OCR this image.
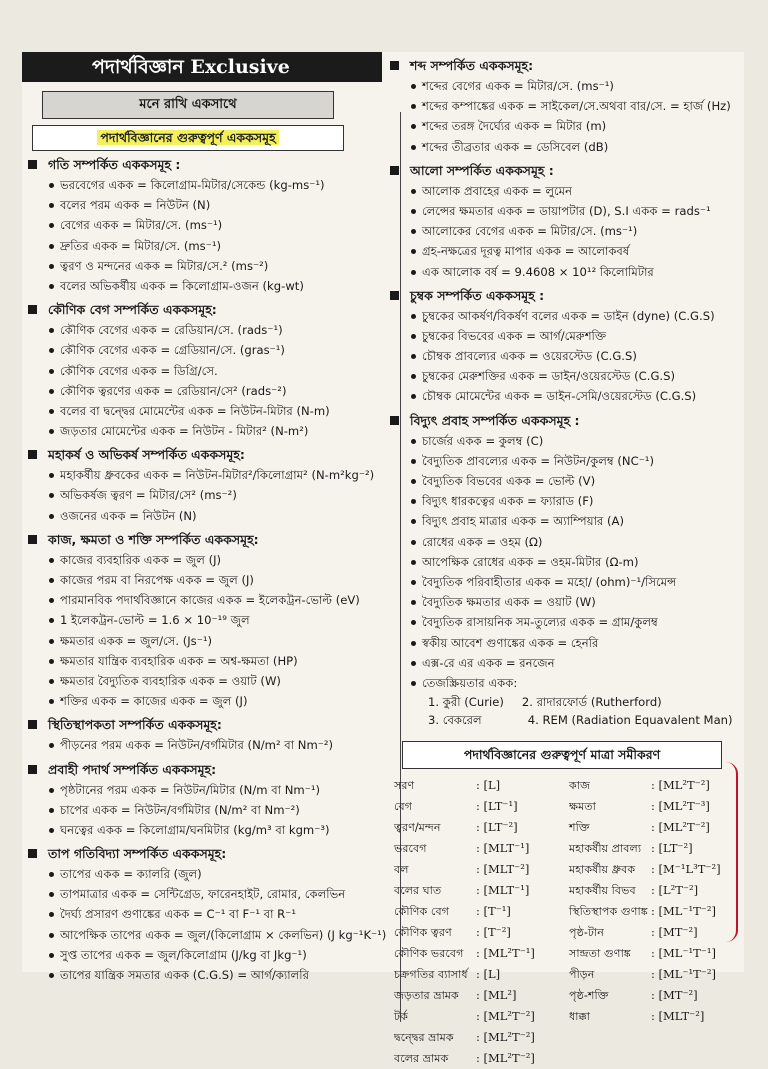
পদার্থবিজ্ঞান Exclusive
মনে রাখি একসাথে
পদার্থবিজ্ঞানের গুরুত্বপূর্ণ এককসমূহ
গতি সম্পর্কিত এককসমূহ :
ভরবেগের একক = কিলোগ্রাম-মিটার/সেকেন্ড (kg-ms⁻¹)
বলের পরম একক = নিউটন (N)
বেগের একক = মিটার/সে. (ms⁻¹)
দ্রুতির একক = মিটার/সে. (ms⁻¹)
ত্বরণ ও মন্দনের একক = মিটার/সে.² (ms⁻²)
বলের অভিকর্ষীয় একক = কিলোগ্রাম-ওজন (kg-wt)
কৌণিক বেগ সম্পর্কিত এককসমূহ:
কৌণিক বেগের একক = রেডিয়ান/সে. (rads⁻¹)
কৌণিক বেগের একক = গ্রেডিয়ান/সে. (gras⁻¹)
কৌণিক বেগের একক = ডিগ্রি/সে.
কৌণিক ত্বরণের একক = রেডিয়ান/সে² (rads⁻²)
বলের বা দ্বন্দ্বের মোমেন্টের একক = নিউটন-মিটার (N-m)
জড়তার মোমেন্টের একক = নিউটন - মিটার² (N-m²)
মহাকর্ষ ও অভিকর্ষ সম্পর্কিত এককসমূহ:
মহাকর্ষীয় ধ্রুবকের একক = নিউটন-মিটার²/কিলোগ্রাম² (N-m²kg⁻²)
অভিকর্ষজ ত্বরণ = মিটার/সে² (ms⁻²)
ওজনের একক = নিউটন (N)
কাজ, ক্ষমতা ও শক্তি সম্পর্কিত এককসমূহ:
কাজের ব্যবহারিক একক = জুল (J)
কাজের পরম বা নিরপেক্ষ একক = জুল (J)
পারমানবিক পদার্থবিজ্ঞানে কাজের একক = ইলেকট্রন-ভোল্ট (eV)
1 ইলেকট্রন-ভোল্ট = 1.6 × 10⁻¹⁹ জুল
ক্ষমতার একক = জুল/সে. (Js⁻¹)
ক্ষমতার যান্ত্রিক ব্যবহারিক একক = অশ্ব-ক্ষমতা (HP)
ক্ষমতার বৈদ্যুতিক ব্যবহারিক একক = ওয়াট (W)
শক্তির একক = কাজের একক = জুল (J)
স্থিতিস্থাপকতা সম্পর্কিত এককসমূহ:
পীড়নের পরম একক = নিউটন/বর্গমিটার (N/m² বা Nm⁻²)
প্রবাহী পদার্থ সম্পর্কিত এককসমূহ:
পৃষ্ঠটানের পরম একক = নিউটন/মিটার (N/m বা Nm⁻¹)
চাপের একক = নিউটন/বর্গমিটার (N/m² বা Nm⁻²)
ঘনত্বের একক = কিলোগ্রাম/ঘনমিটার (kg/m³ বা kgm⁻³)
তাপ গতিবিদ্যা সম্পর্কিত এককসমূহ:
তাপের একক = ক্যালরি (জুল)
তাপমাত্রার একক = সেন্টিগ্রেড, ফারেনহাইট, রোমার, কেলভিন
দৈর্ঘ্য প্রসারণ গুণাঙ্কের একক = C⁻¹ বা F⁻¹ বা R⁻¹
আপেক্ষিক তাপের একক = জুল/(কিলোগ্রাম × কেলভিন) (J kg⁻¹K⁻¹)
সুপ্ত তাপের একক = জুল/কিলোগ্রাম (J/kg বা Jkg⁻¹)
তাপের যান্ত্রিক সমতার একক (C.G.S) = আর্গ/ক্যালরি
শব্দ সম্পর্কিত এককসমূহ:
শব্দের বেগের একক = মিটার/সে. (ms⁻¹)
শব্দের কম্পাঙ্কের একক = সাইকেল/সে.অথবা বার/সে. = হার্জ (Hz)
শব্দের তরঙ্গ দৈর্ঘ্যের একক = মিটার (m)
শব্দের তীব্রতার একক = ডেসিবেল (dB)
আলো সম্পর্কিত এককসমূহ :
আলোক প্রবাহের একক = লুমেন
লেন্সের ক্ষমতার একক = ডায়াপটার (D), S.I একক = rads⁻¹
আলোকের বেগের একক = মিটার/সে. (ms⁻¹)
গ্রহ-নক্ষত্রের দূরত্ব মাপার একক = আলোকবর্ষ
এক আলোক বর্ষ = 9.4608 × 10¹² কিলোমিটার
চুম্বক সম্পর্কিত এককসমূহ :
চুম্বকের আকর্ষণ/বিকর্ষণ বলের একক = ডাইন (dyne) (C.G.S)
চুম্বকের বিভবের একক = আর্গ/মেরুশক্তি
চৌম্বক প্রাবল্যের একক = ওয়েরস্টেড (C.G.S)
চুম্বকের মেরুশক্তির একক = ডাইন/ওয়েরস্টেড (C.G.S)
চৌম্বক মোমেন্টের একক = ডাইন-সেমি/ওয়েরস্টেড (C.G.S)
বিদ্যুৎ প্রবাহ সম্পর্কিত এককসমূহ :
চার্জের একক = কুলম্ব (C)
বৈদ্যুতিক প্রাবল্যের একক = নিউটন/কুলম্ব (NC⁻¹)
বৈদ্যুতিক বিভবের একক = ভোল্ট (V)
বিদ্যুৎ ধারকত্বের একক = ফ্যারাড (F)
বিদ্যুৎ প্রবাহ মাত্রার একক = অ্যাম্পিয়ার (A)
রোধের একক = ওহম (Ω)
আপেক্ষিক রোধের একক = ওহম-মিটার (Ω-m)
বৈদ্যুতিক পরিবাহীতার একক = মহো/ (ohm)⁻¹/সিমেন্স
বৈদ্যুতিক ক্ষমতার একক = ওয়াট (W)
বৈদ্যুতিক রাসায়নিক সম-তুল্যের একক = গ্রাম/কুলম্ব
স্বকীয় আবেশ গুণাঙ্কের একক = হেনরি
এক্স-রে এর একক = রনজেন
তেজস্ক্রিয়তার একক:
1. কুরী (Curie) 2. রাদারফোর্ড (Rutherford)
3. বেকরেল	4. REM (Radiation Equavalent Man)
পদার্থবিজ্ঞানের গুরুত্বপূর্ণ মাত্রা সমীকরণ
সরণ	: [L]
বেগ	: [LT⁻¹]
ত্বরণ/মন্দন	: [LT⁻²]
ভরবেগ	: [MLT⁻¹]
বল	: [MLT⁻²]
বলের ঘাত	: [MLT⁻¹]
কৌণিক বেগ	: [T⁻¹]
কৌণিক ত্বরণ	: [T⁻²]
কৌণিক ভরবেগ	: [ML²T⁻¹]
চক্রগতির ব্যাসার্ধ : [L]
জড়তার ভ্রামক	: [ML²]
টর্ক	: [ML²T⁻²]
দ্বন্দ্বের ভ্রামক	: [ML²T⁻²]
বলের ভ্রামক	: [ML²T⁻²]
কাজ	: [ML²T⁻²]
ক্ষমতা	: [ML²T⁻³]
শক্তি	: [ML²T⁻²]
মহাকর্ষীয় প্রাবল্য : [LT⁻²]
মহাকর্ষীয় ধ্রুবক	: [M⁻¹L³T⁻²]
মহাকর্ষীয় বিভব	: [L²T⁻²]
স্থিতিস্থাপক গুণাঙ্ক : [ML⁻¹T⁻²]
পৃষ্ঠ-টান	: [MT⁻²]
সান্দ্রতা গুণাঙ্ক	: [ML⁻¹T⁻¹]
পীড়ন	: [ML⁻¹T⁻²]
পৃষ্ঠ-শক্তি	: [MT⁻²]
ধাক্কা	: [MLT⁻²]
